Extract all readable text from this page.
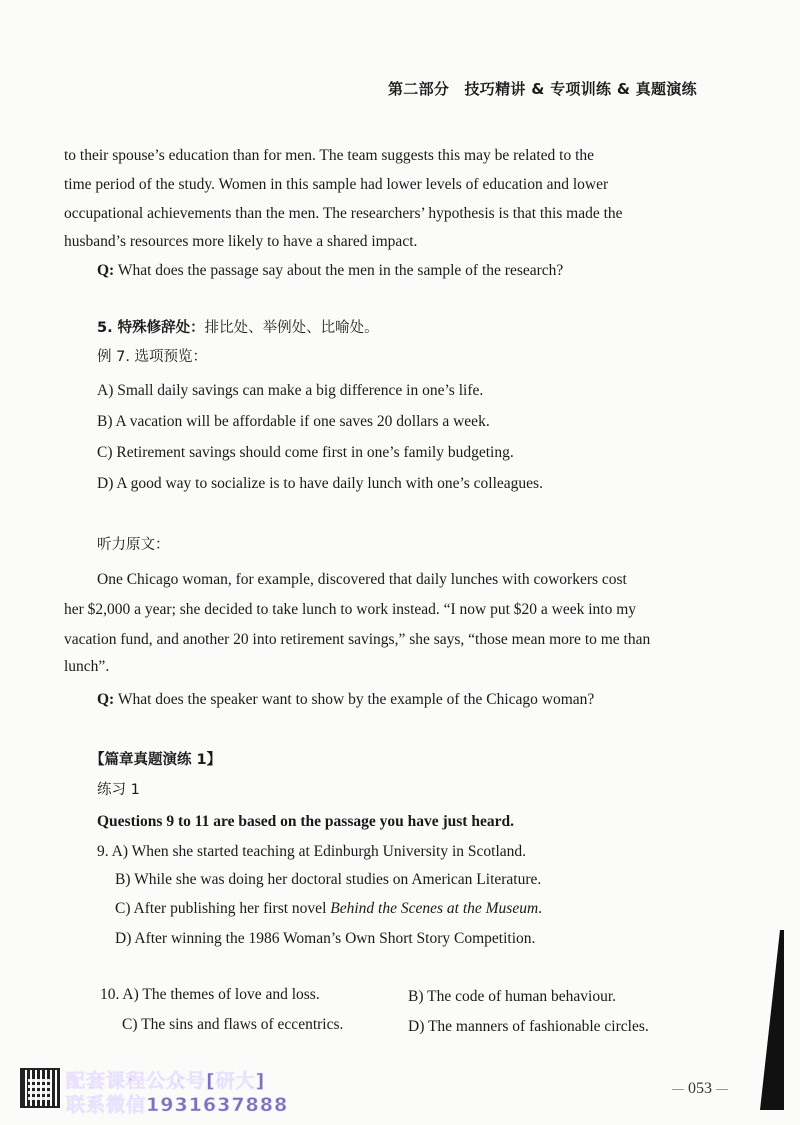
第二部分　技巧精讲 & 专项训练 & 真题演练
to their spouse’s education than for men. The team suggests this may be related to the
time period of the study. Women in this sample had lower levels of education and lower
occupational achievements than the men. The researchers’ hypothesis is that this made the
husband’s resources more likely to have a shared impact.
Q: What does the passage say about the men in the sample of the research?
5. 特殊修辞处：排比处、举例处、比喻处。
例 7. 选项预览：
A) Small daily savings can make a big difference in one’s life.
B) A vacation will be affordable if one saves 20 dollars a week.
C) Retirement savings should come first in one’s family budgeting.
D) A good way to socialize is to have daily lunch with one’s colleagues.
听力原文：
One Chicago woman, for example, discovered that daily lunches with coworkers cost
her $2,000 a year; she decided to take lunch to work instead. “I now put $20 a week into my
vacation fund, and another 20 into retirement savings,” she says, “those mean more to me than
lunch”.
Q: What does the speaker want to show by the example of the Chicago woman?
【篇章真题演练 1】
练习 1
Questions 9 to 11 are based on the passage you have just heard.
9. A) When she started teaching at Edinburgh University in Scotland.
B) While she was doing her doctoral studies on American Literature.
C) After publishing her first novel Behind the Scenes at the Museum.
D) After winning the 1986 Woman’s Own Short Story Competition.
10. A) The themes of love and loss.	B) The code of human behaviour.
C) The sins and flaws of eccentrics.	D) The manners of fashionable circles.
053
配套课程公众号[研大]
联系微信1931637888
